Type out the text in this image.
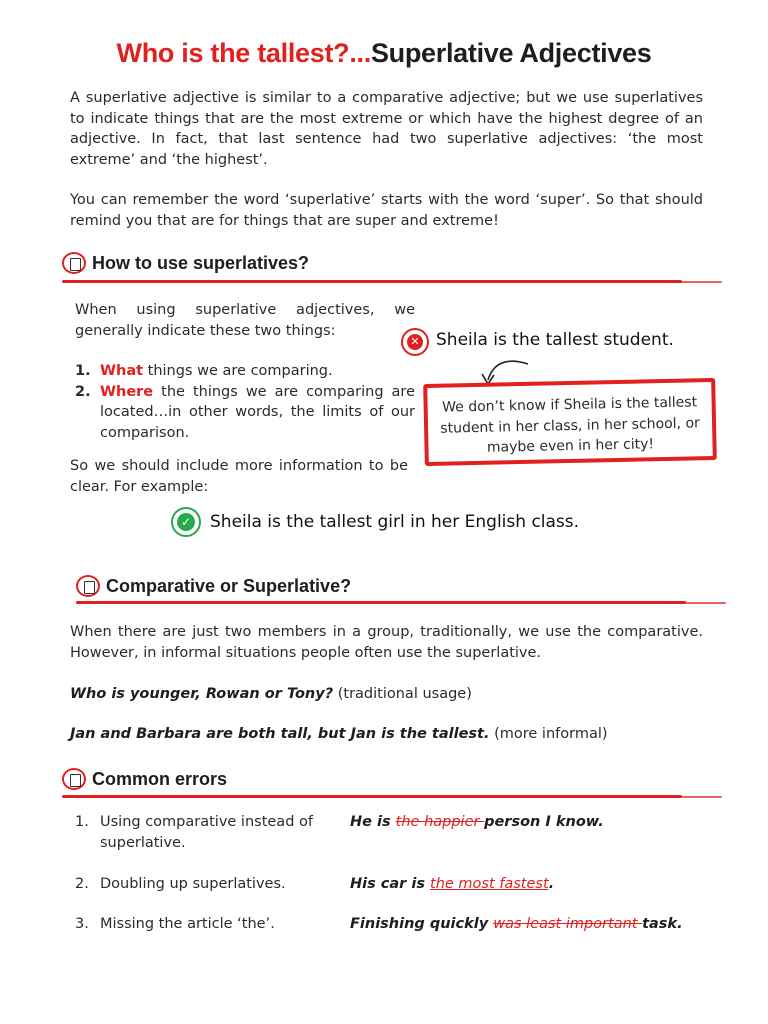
Who is the tallest?...Superlative Adjectives

A superlative adjective is similar to a comparative adjective; but we use superlatives to indicate things that are the most extreme or which have the highest degree of an adjective. In fact, that last sentence had two superlative adjectives: ‘the most extreme’ and ‘the highest’.

You can remember the word ‘superlative’ starts with the word ‘super’. So that should remind you that are for things that are super and extreme!

How to use superlatives?

When using superlative adjectives, we generally indicate these two things:

1. What things we are comparing.
2. Where the things we are comparing are located…in other words, the limits of our comparison.

So we should include more information to be clear. For example:

✕ Sheila is the tallest student.
We don’t know if Sheila is the tallest student in her class, in her school, or maybe even in her city!
✓ Sheila is the tallest girl in her English class.
Comparative or Superlative?

When there are just two members in a group, traditionally, we use the comparative. However, in informal situations people often use the superlative.

Who is younger, Rowan or Tony? (traditional usage)

Jan and Barbara are both tall, but Jan is the tallest. (more informal)

Common errors
1. Using comparative instead of superlative.
He is the happier person I know.
2. Doubling up superlatives.	His car is the most fastest.
3. Missing the article ‘the’.	Finishing quickly was least important task.
